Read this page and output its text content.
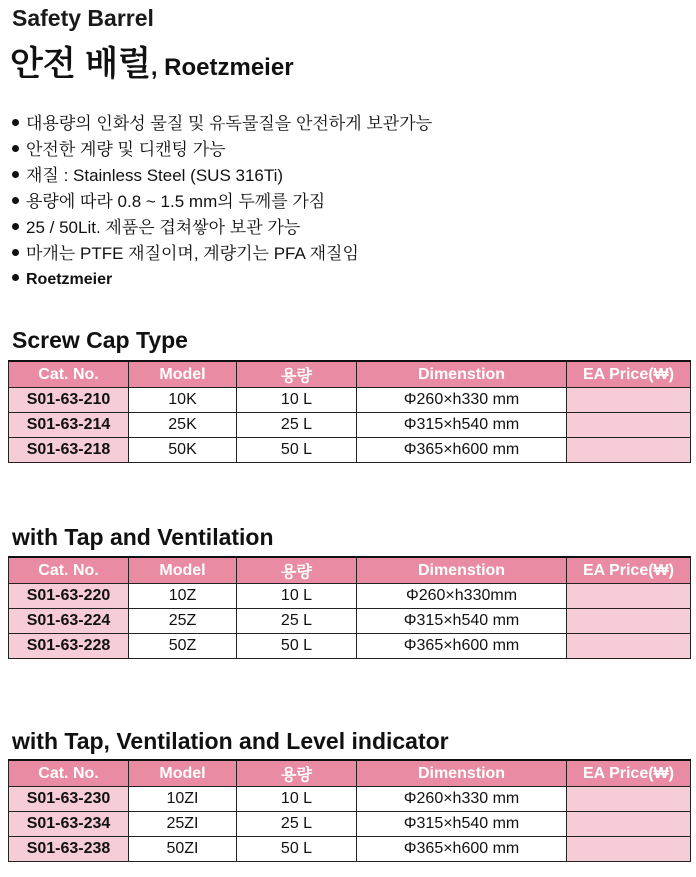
Safety Barrel
안전 배럴, Roetzmeier
대용량의 인화성 물질 및 유독물질을 안전하게 보관가능
안전한 계량 및 디캔팅 가능
재질 : Stainless Steel (SUS 316Ti)
용량에 따라 0.8 ~ 1.5 mm의 두께를 가짐
25 / 50Lit. 제품은 겹쳐쌓아 보관 가능
마개는 PTFE 재질이며, 계량기는 PFA 재질임
Roetzmeier
Screw Cap Type
Cat. No.	Model	용량	Dimenstion	EA Price(₩)
S01-63-210	10K	10 L	Φ260×h330 mm	
S01-63-214	25K	25 L	Φ315×h540 mm	
S01-63-218	50K	50 L	Φ365×h600 mm	
with Tap and Ventilation
Cat. No.	Model	용량	Dimenstion	EA Price(₩)
S01-63-220	10Z	10 L	Φ260×h330mm	
S01-63-224	25Z	25 L	Φ315×h540 mm	
S01-63-228	50Z	50 L	Φ365×h600 mm	
with Tap, Ventilation and Level indicator
Cat. No.	Model	용량	Dimenstion	EA Price(₩)
S01-63-230	10ZI	10 L	Φ260×h330 mm	
S01-63-234	25ZI	25 L	Φ315×h540 mm	
S01-63-238	50ZI	50 L	Φ365×h600 mm	
